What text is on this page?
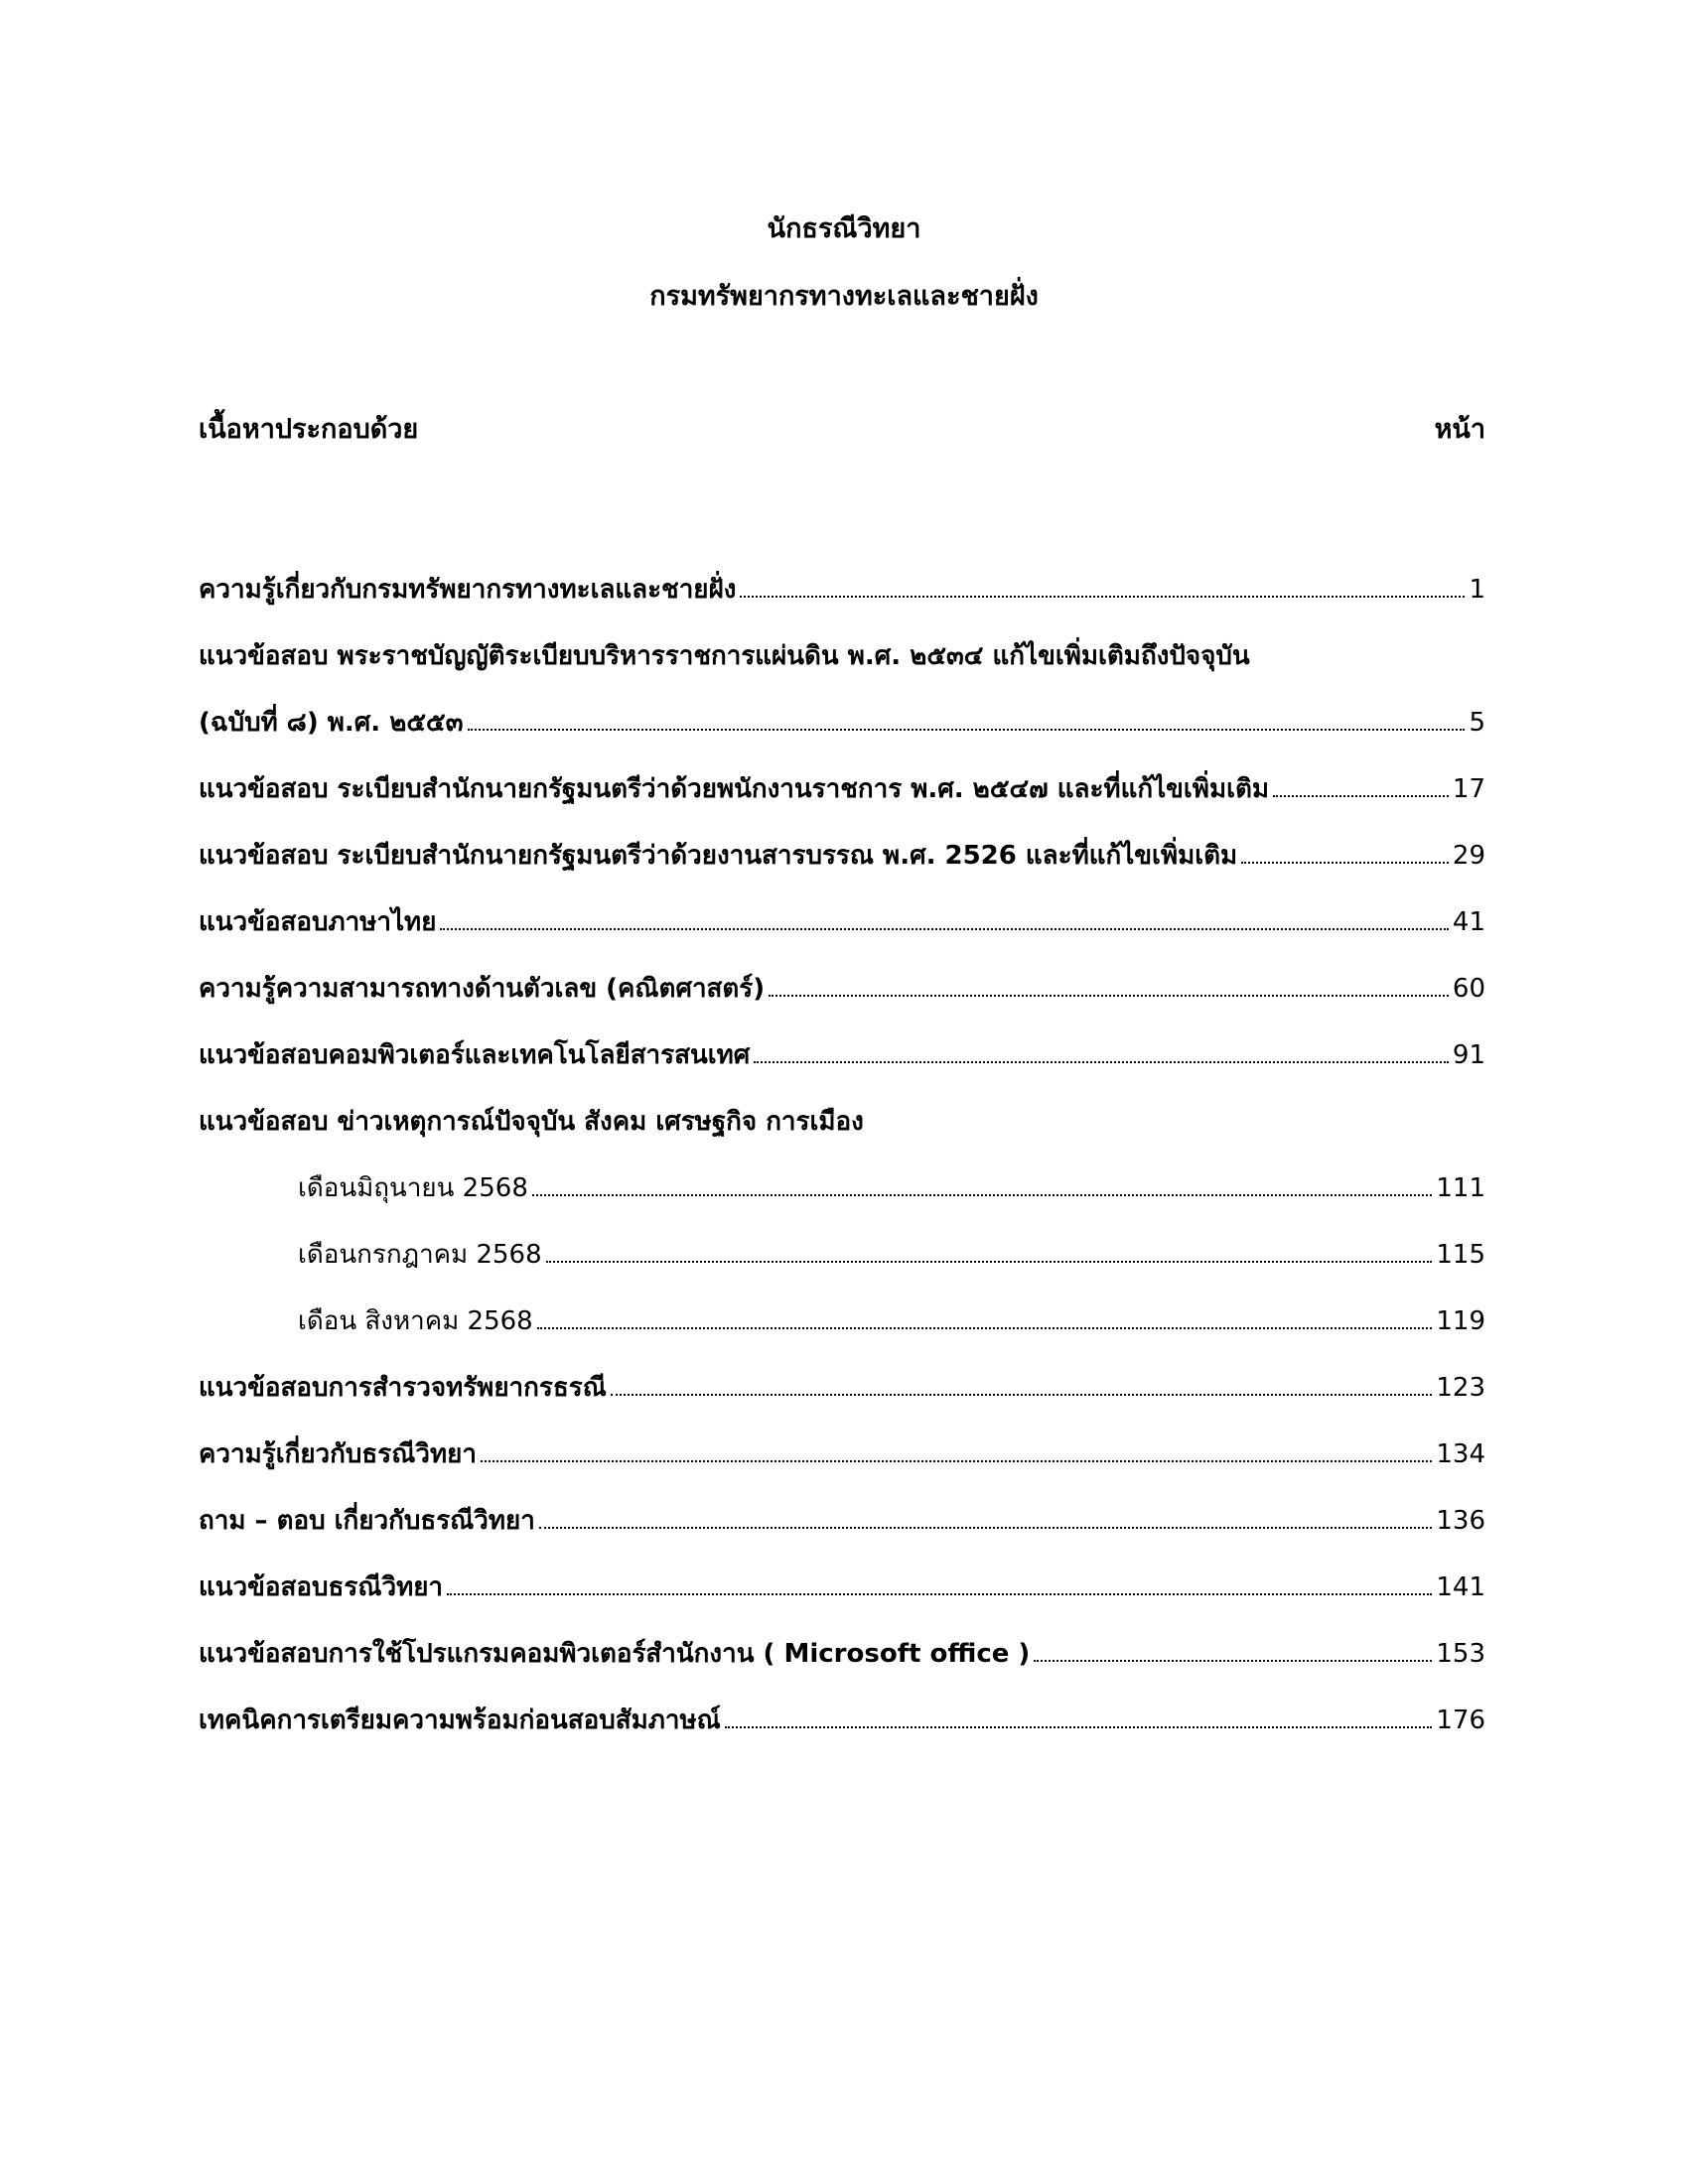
นักธรณีวิทยา
กรมทรัพยากรทางทะเลและชายฝั่ง
เนื้อหาประกอบด้วย	หน้า
ความรู้เกี่ยวกับกรมทรัพยากรทางทะเลและชายฝั่ง	1
แนวข้อสอบ พระราชบัญญัติระเบียบบริหารราชการแผ่นดิน พ.ศ. ๒๕๓๔ แก้ไขเพิ่มเติมถึงปัจจุบัน
(ฉบับที่ ๘) พ.ศ. ๒๕๕๓	5
แนวข้อสอบ ระเบียบสำนักนายกรัฐมนตรีว่าด้วยพนักงานราชการ พ.ศ. ๒๕๔๗ และที่แก้ไขเพิ่มเติม	17
แนวข้อสอบ ระเบียบสำนักนายกรัฐมนตรีว่าด้วยงานสารบรรณ พ.ศ. 2526 และที่แก้ไขเพิ่มเติม	29
แนวข้อสอบภาษาไทย	41
ความรู้ความสามารถทางด้านตัวเลข (คณิตศาสตร์)	60
แนวข้อสอบคอมพิวเตอร์และเทคโนโลยีสารสนเทศ	91
แนวข้อสอบ ข่าวเหตุการณ์ปัจจุบัน สังคม เศรษฐกิจ การเมือง
เดือนมิถุนายน 2568	111
เดือนกรกฎาคม 2568	115
เดือน สิงหาคม 2568	119
แนวข้อสอบการสำรวจทรัพยากรธรณี	123
ความรู้เกี่ยวกับธรณีวิทยา	134
ถาม – ตอบ เกี่ยวกับธรณีวิทยา	136
แนวข้อสอบธรณีวิทยา	141
แนวข้อสอบการใช้โปรแกรมคอมพิวเตอร์สำนักงาน ( Microsoft office )	153
เทคนิคการเตรียมความพร้อมก่อนสอบสัมภาษณ์	176
